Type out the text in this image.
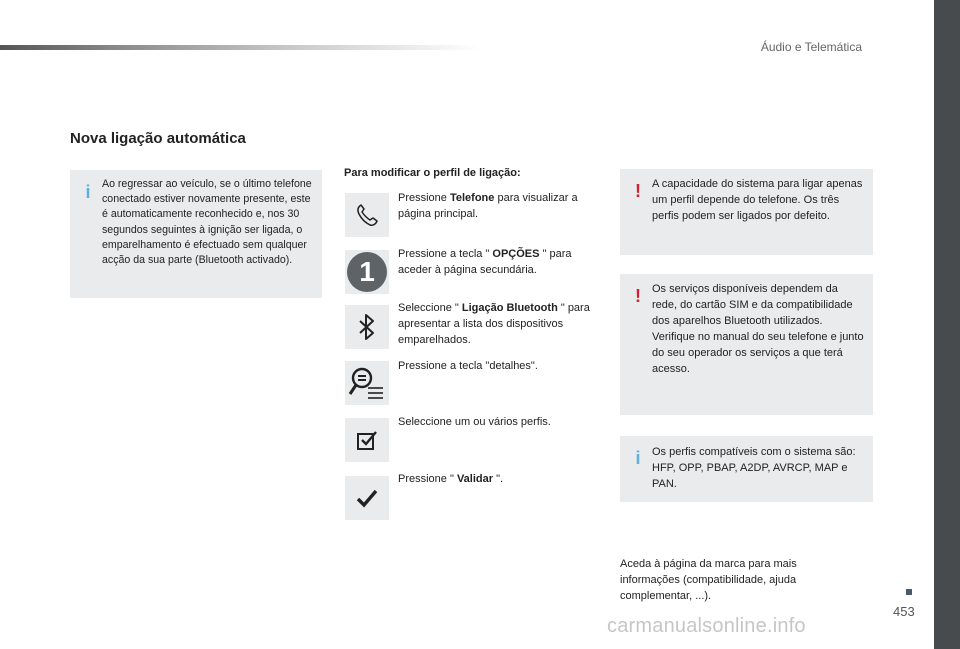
Áudio e Telemática
453
carmanualsonline.info
Nova ligação automática
i Ao regressar ao veículo, se o último telefone conectado estiver novamente presente, este é automaticamente reconhecido e, nos 30 segundos seguintes à ignição ser ligada, o emparelhamento é efectuado sem qualquer acção da sua parte (Bluetooth activado).

Para modificar o perfil de ligação:
Pressione Telefone para visualizar a página principal.
1
Pressione a tecla " OPÇÕES " para aceder à página secundária.
Seleccione " Ligação Bluetooth " para apresentar a lista dos dispositivos emparelhados.
Pressione a tecla "detalhes".
Seleccione um ou vários perfis.
Pressione " Validar ".
! A capacidade do sistema para ligar apenas um perfil depende do telefone. Os três perfis podem ser ligados por defeito.

! Os serviços disponíveis dependem da rede, do cartão SIM e da compatibilidade dos aparelhos Bluetooth utilizados. Verifique no manual do seu telefone e junto do seu operador os serviços a que terá acesso.

i Os perfis compatíveis com o sistema são: HFP, OPP, PBAP, A2DP, AVRCP, MAP e PAN.

Aceda à página da marca para mais informações (compatibilidade, ajuda complementar, ...).
